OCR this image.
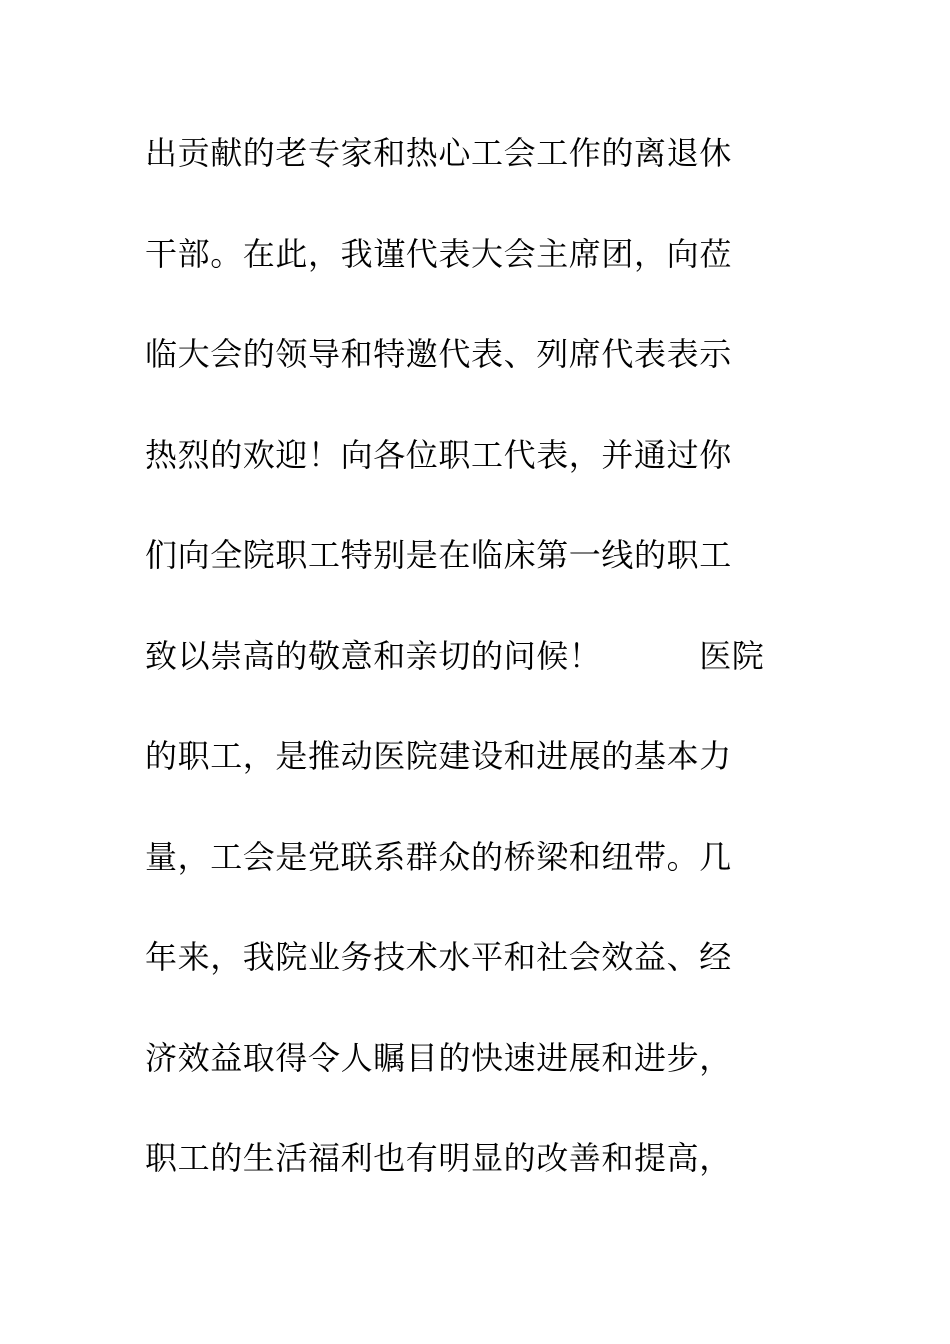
出贡献的老专家和热心工会工作的离退休
干部。在此，我谨代表大会主席团，向莅
临大会的领导和特邀代表、列席代表表示
热烈的欢迎！向各位职工代表，并通过你
们向全院职工特别是在临床第一线的职工
致以崇高的敬意和亲切的问候！　　　医院
的职工，是推动医院建设和进展的基本力
量，工会是党联系群众的桥梁和纽带。几
年来，我院业务技术水平和社会效益、经
济效益取得令人瞩目的快速进展和进步，
职工的生活福利也有明显的改善和提高，
